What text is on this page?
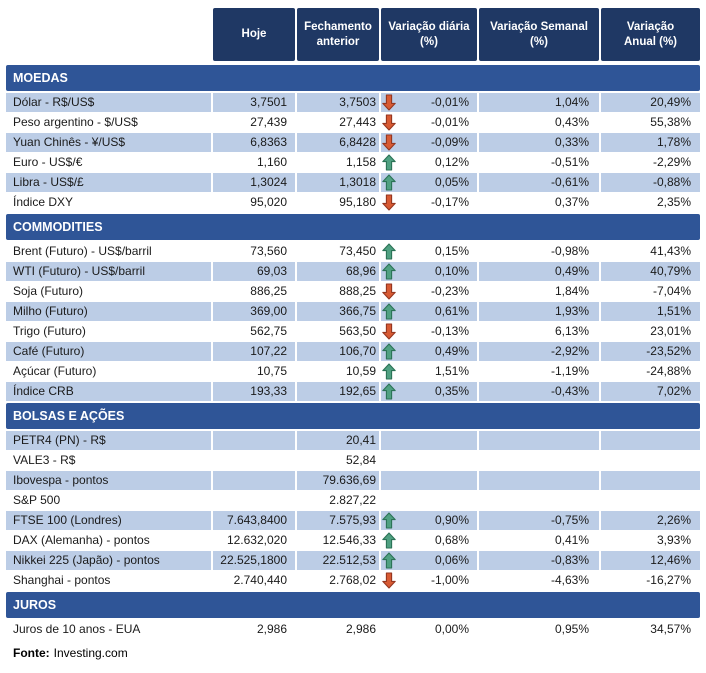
Hoje
Fechamento
anterior
Variação diária
(%)
Variação Semanal
(%)
Variação
Anual (%)
MOEDAS
Dólar - R$/US$	3,7501	3,7503	-0,01%	1,04%	20,49%
Peso argentino - $/US$	27,439	27,443	-0,01%	0,43%	55,38%
Yuan Chinês - ¥/US$	6,8363	6,8428	-0,09%	0,33%	1,78%
Euro - US$/€	1,160	1,158	0,12%	-0,51%	-2,29%
Libra - US$/£	1,3024	1,3018	0,05%	-0,61%	-0,88%
Índice DXY	95,020	95,180	-0,17%	0,37%	2,35%
COMMODITIES
Brent (Futuro) - US$/barril	73,560	73,450	0,15%	-0,98%	41,43%
WTI (Futuro) - US$/barril	69,03	68,96	0,10%	0,49%	40,79%
Soja (Futuro)	886,25	888,25	-0,23%	1,84%	-7,04%
Milho (Futuro)	369,00	366,75	0,61%	1,93%	1,51%
Trigo (Futuro)	562,75	563,50	-0,13%	6,13%	23,01%
Café (Futuro)	107,22	106,70	0,49%	-2,92%	-23,52%
Açúcar (Futuro)	10,75	10,59	1,51%	-1,19%	-24,88%
Índice CRB	193,33	192,65	0,35%	-0,43%	7,02%
BOLSAS E AÇÕES
PETR4 (PN) - R$	20,41
VALE3 - R$	52,84
Ibovespa - pontos	79.636,69
S&P 500	2.827,22
FTSE 100 (Londres)	7.643,8400	7.575,93	0,90%	-0,75%	2,26%
DAX (Alemanha) - pontos	12.632,020	12.546,33	0,68%	0,41%	3,93%
Nikkei 225 (Japão) - pontos	22.525,1800	22.512,53	0,06%	-0,83%	12,46%
Shanghai - pontos	2.740,440	2.768,02	-1,00%	-4,63%	-16,27%
JUROS
Juros de 10 anos - EUA	2,986	2,986	0,00%	0,95%	34,57%
Fonte: Investing.com
